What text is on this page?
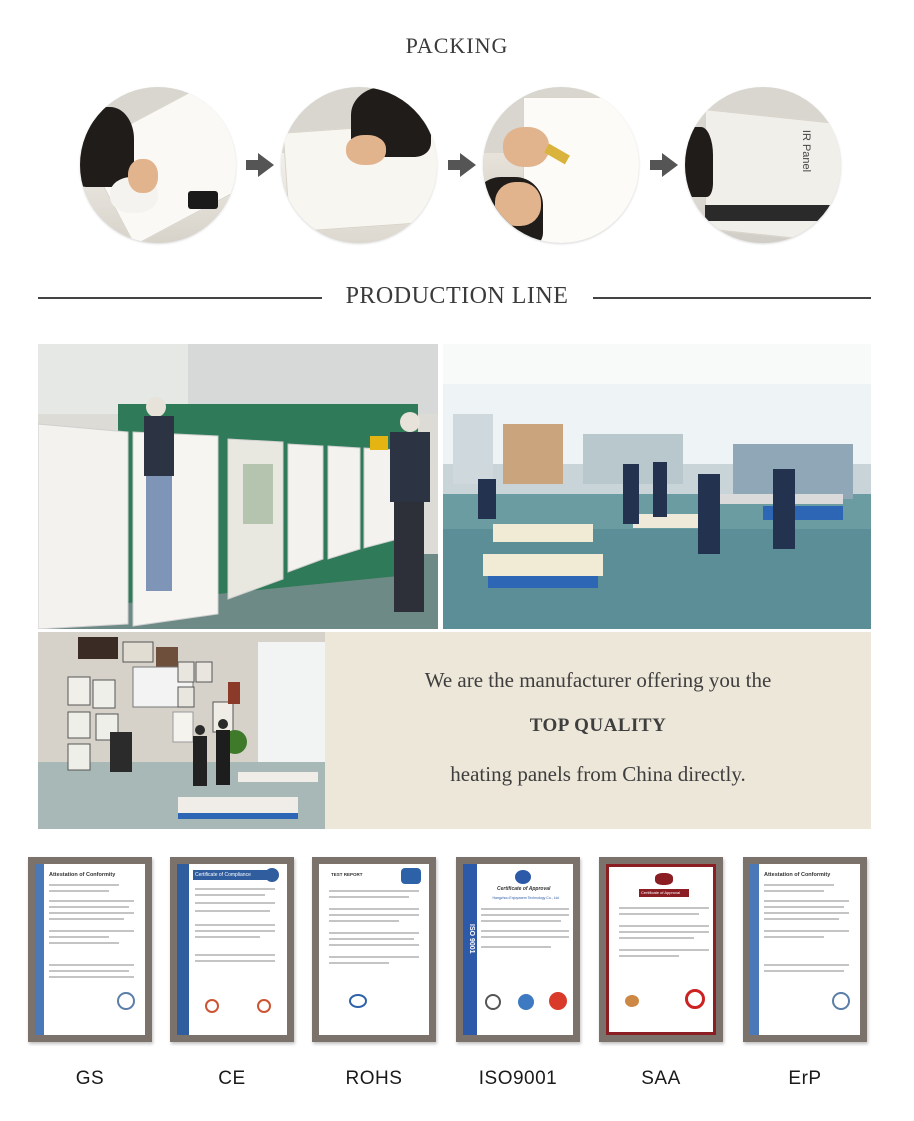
PACKING
IR Panel
PRODUCTION LINE
We are the manufacturer offering you the
TOP QUALITY
heating panels from China directly.
Attestation of Conformity
GS
Certificate of Compliance
CE
TEST REPORT
ROHS
ISO 9001
Certificate of Approval
Hangzhou Enjoywarm Technology Co., Ltd.
ISO9001
Certificate of Approval
SAA
Attestation of Conformity
ErP
